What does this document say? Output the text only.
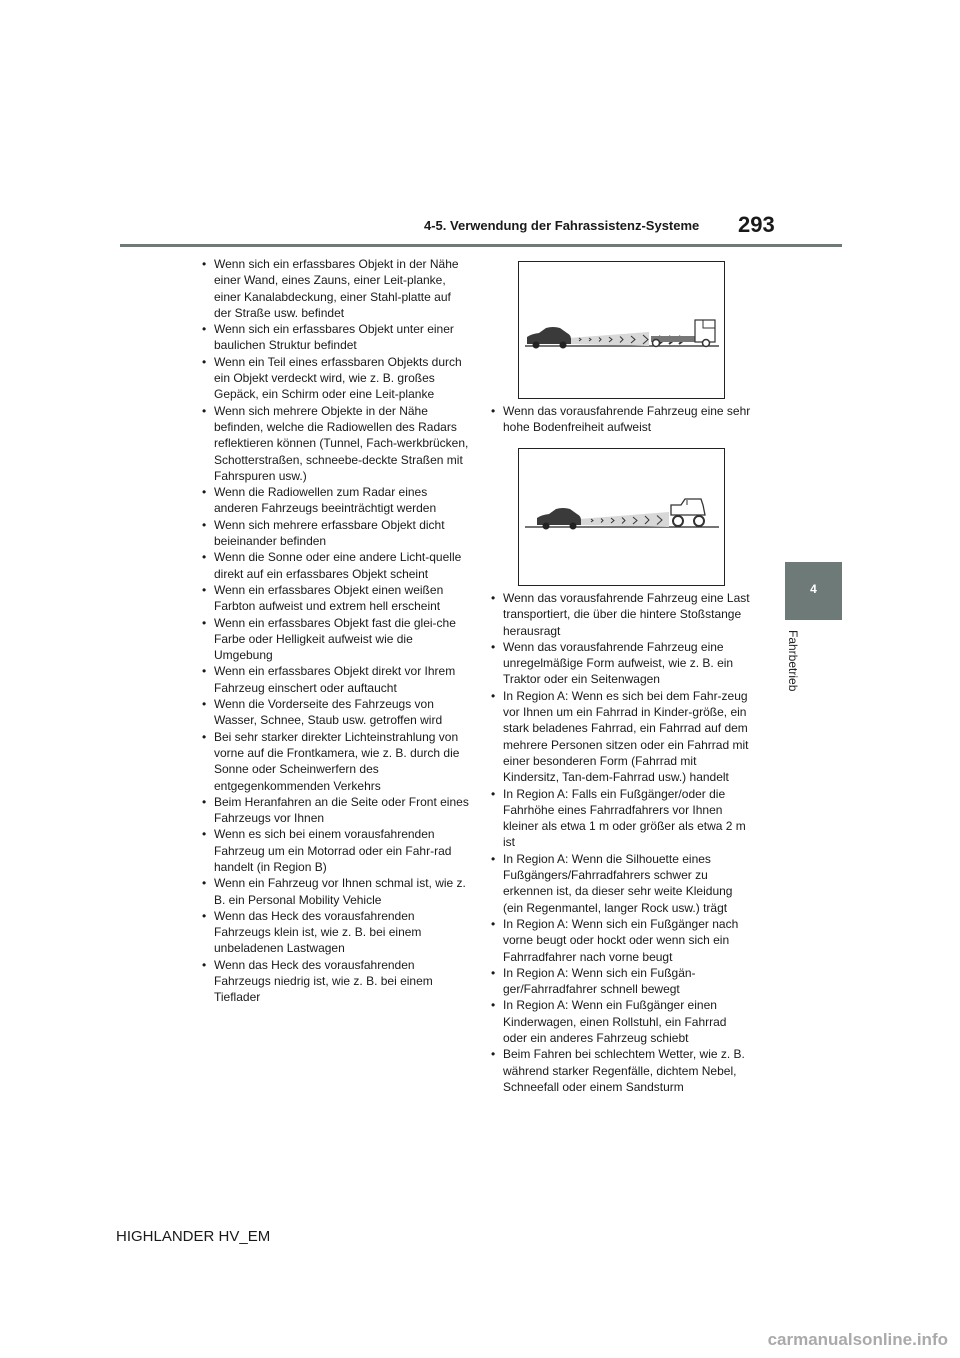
4-5. Verwendung der Fahrassistenz-Systeme 293
4
Fahrbetrieb
• Wenn sich ein erfassbares Objekt in der Nähe einer Wand, eines Zauns, einer Leit-planke, einer Kanalabdeckung, einer Stahl-platte auf der Straße usw. befindet
• Wenn sich ein erfassbares Objekt unter einer baulichen Struktur befindet
• Wenn ein Teil eines erfassbaren Objekts durch ein Objekt verdeckt wird, wie z. B. großes Gepäck, ein Schirm oder eine Leit-planke
• Wenn sich mehrere Objekte in der Nähe befinden, welche die Radiowellen des Radars reflektieren können (Tunnel, Fach-werkbrücken, Schotterstraßen, schneebe-deckte Straßen mit Fahrspuren usw.)
• Wenn die Radiowellen zum Radar eines anderen Fahrzeugs beeinträchtigt werden
• Wenn sich mehrere erfassbare Objekt dicht beieinander befinden
• Wenn die Sonne oder eine andere Licht-quelle direkt auf ein erfassbares Objekt scheint
• Wenn ein erfassbares Objekt einen weißen Farbton aufweist und extrem hell erscheint
• Wenn ein erfassbares Objekt fast die glei-che Farbe oder Helligkeit aufweist wie die Umgebung
• Wenn ein erfassbares Objekt direkt vor Ihrem Fahrzeug einschert oder auftaucht
• Wenn die Vorderseite des Fahrzeugs von Wasser, Schnee, Staub usw. getroffen wird
• Bei sehr starker direkter Lichteinstrahlung von vorne auf die Frontkamera, wie z. B. durch die Sonne oder Scheinwerfern des entgegenkommenden Verkehrs
• Beim Heranfahren an die Seite oder Front eines Fahrzeugs vor Ihnen
• Wenn es sich bei einem vorausfahrenden Fahrzeug um ein Motorrad oder ein Fahr-rad handelt (in Region B)
• Wenn ein Fahrzeug vor Ihnen schmal ist, wie z. B. ein Personal Mobility Vehicle
• Wenn das Heck des vorausfahrenden Fahrzeugs klein ist, wie z. B. bei einem unbeladenen Lastwagen
• Wenn das Heck des vorausfahrenden Fahrzeugs niedrig ist, wie z. B. bei einem Tieflader
• Wenn das vorausfahrende Fahrzeug eine sehr hohe Bodenfreiheit aufweist
• Wenn das vorausfahrende Fahrzeug eine Last transportiert, die über die hintere Stoßstange herausragt
• Wenn das vorausfahrende Fahrzeug eine unregelmäßige Form aufweist, wie z. B. ein Traktor oder ein Seitenwagen
• In Region A: Wenn es sich bei dem Fahr-zeug vor Ihnen um ein Fahrrad in Kinder-größe, ein stark beladenes Fahrrad, ein Fahrrad auf dem mehrere Personen sitzen oder ein Fahrrad mit einer besonderen Form (Fahrrad mit Kindersitz, Tan-dem-Fahrrad usw.) handelt
• In Region A: Falls ein Fußgänger/oder die Fahrhöhe eines Fahrradfahrers vor Ihnen kleiner als etwa 1 m oder größer als etwa 2 m ist
• In Region A: Wenn die Silhouette eines Fußgängers/Fahrradfahrers schwer zu erkennen ist, da dieser sehr weite Kleidung (ein Regenmantel, langer Rock usw.) trägt
• In Region A: Wenn sich ein Fußgänger nach vorne beugt oder hockt oder wenn sich ein Fahrradfahrer nach vorne beugt
• In Region A: Wenn sich ein Fußgän-ger/Fahrradfahrer schnell bewegt
• In Region A: Wenn ein Fußgänger einen Kinderwagen, einen Rollstuhl, ein Fahrrad oder ein anderes Fahrzeug schiebt
• Beim Fahren bei schlechtem Wetter, wie z. B. während starker Regenfälle, dichtem Nebel, Schneefall oder einem Sandsturm
HIGHLANDER HV_EM
carmanualsonline.info
